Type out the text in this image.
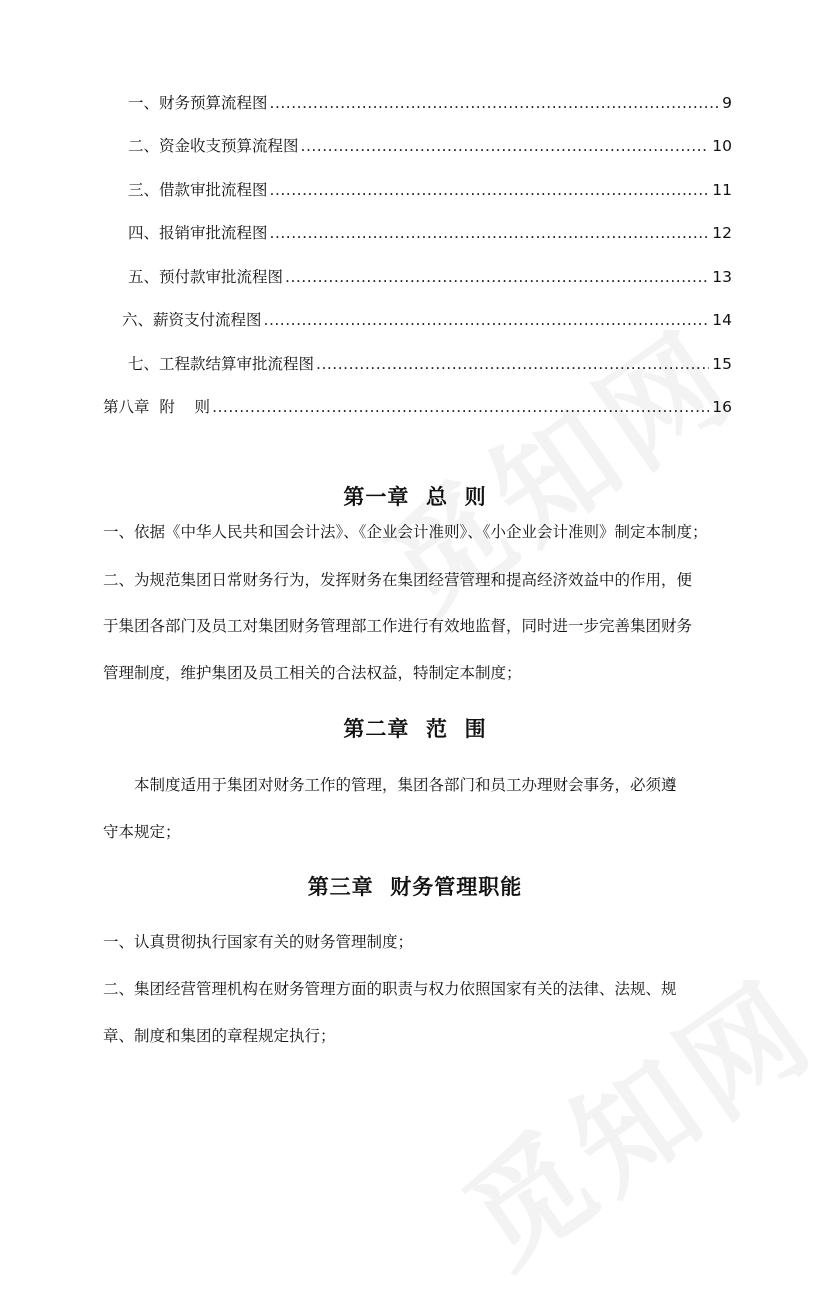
一、财务预算流程图 .....	9
二、资金收支预算流程图 .....	10
三、借款审批流程图 .....	11
四、报销审批流程图 .....	12
五、预付款审批流程图 .....	13
六、薪资支付流程图 .....	14
七、工程款结算审批流程图 .....	15
第八章  附    则 .....	16
第一章  总  则
一、依据《中华人民共和国会计法》、《企业会计准则》、《小企业会计准则》制定本制度；
二、为规范集团日常财务行为，发挥财务在集团经营管理和提高经济效益中的作用，便
于集团各部门及员工对集团财务管理部工作进行有效地监督，同时进一步完善集团财务
管理制度，维护集团及员工相关的合法权益，特制定本制度；
第二章  范  围
本制度适用于集团对财务工作的管理，集团各部门和员工办理财会事务，必须遵
守本规定；
第三章  财务管理职能
一、认真贯彻执行国家有关的财务管理制度；
二、集团经营管理机构在财务管理方面的职责与权力依照国家有关的法律、法规、规
章、制度和集团的章程规定执行；
